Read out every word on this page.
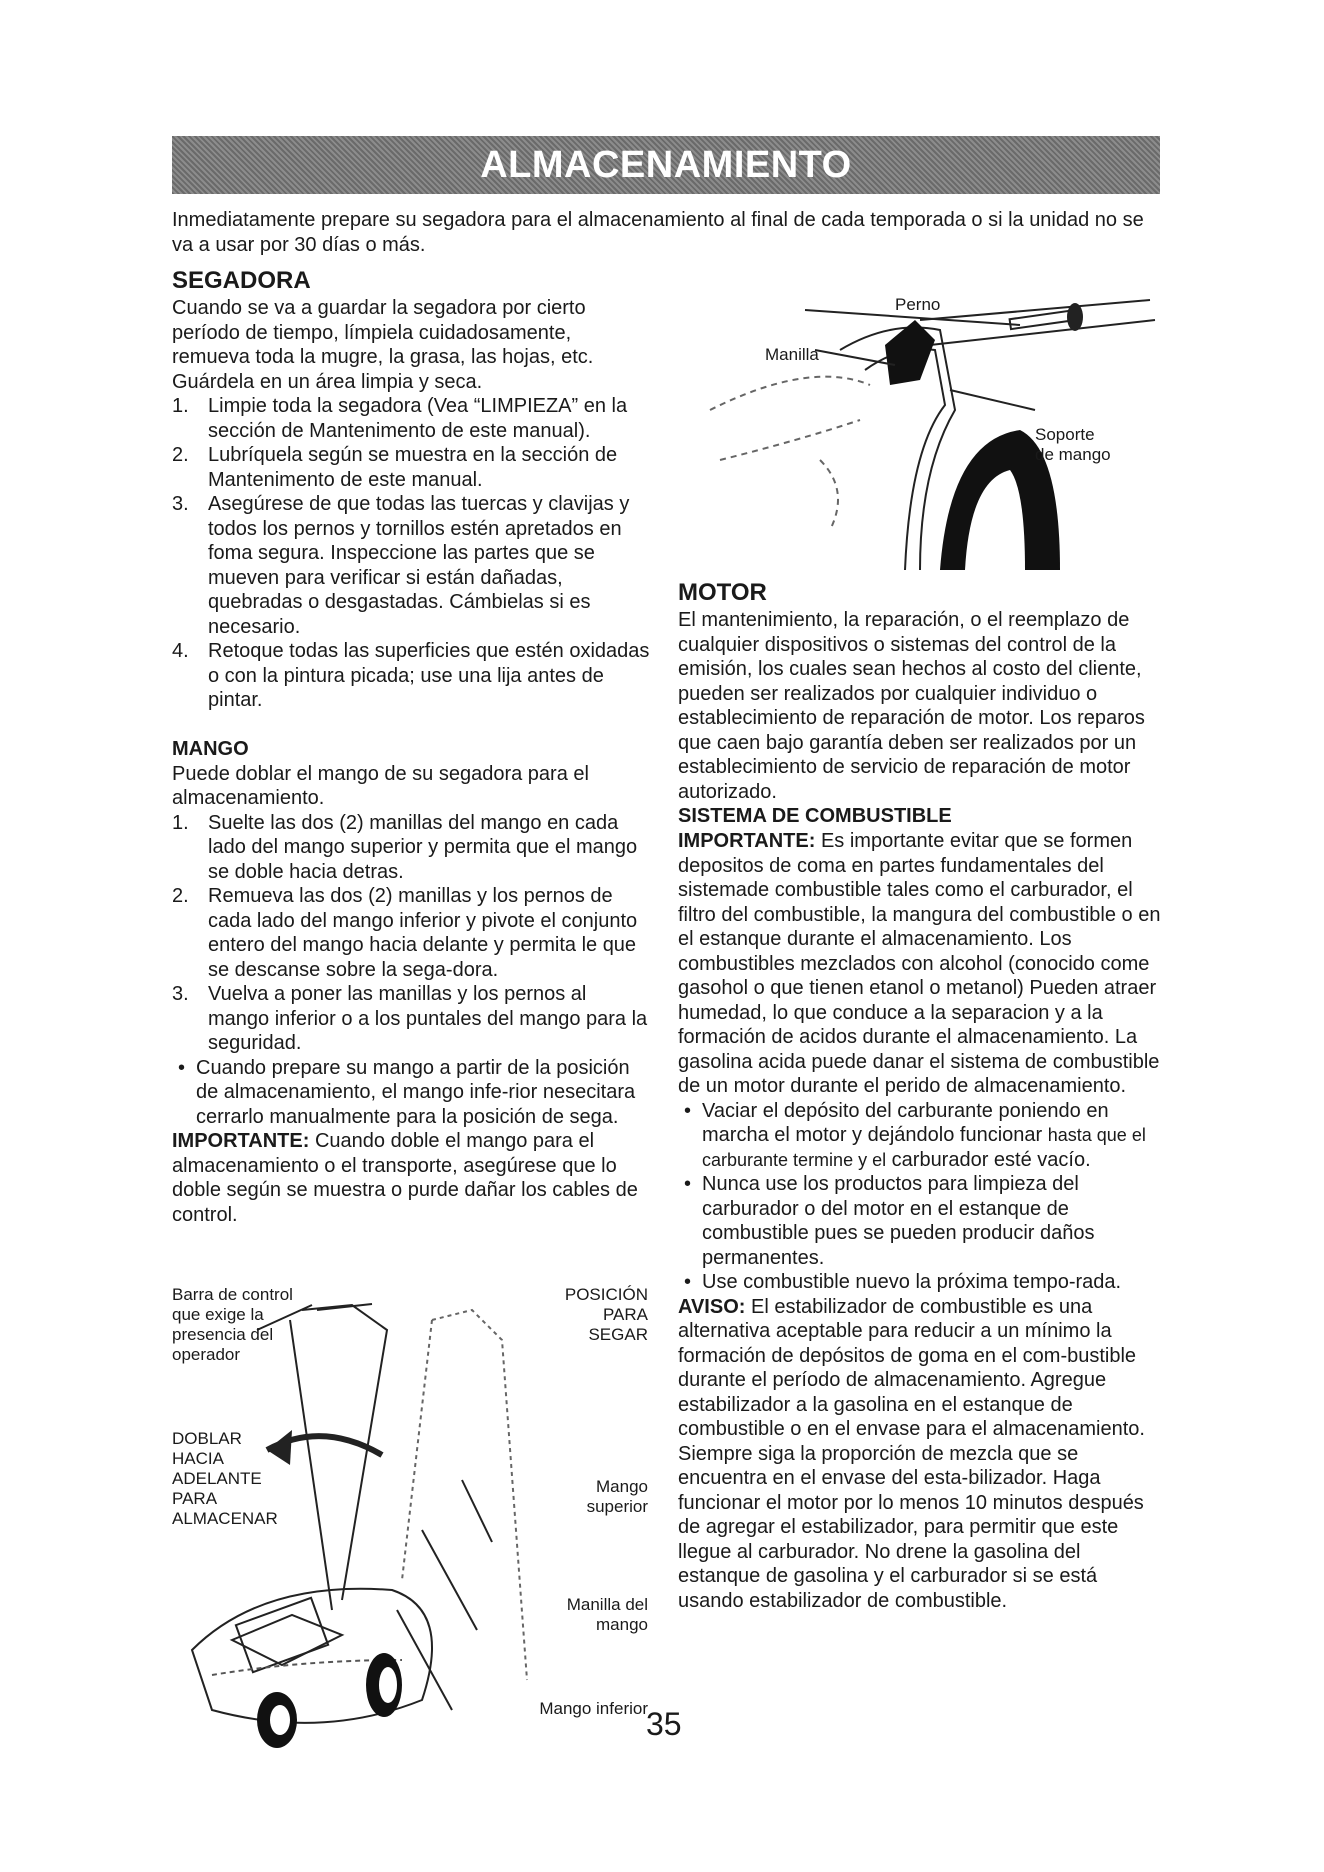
ALMACENAMIENTO

Inmediatamente prepare su segadora para el almacenamiento al final de cada temporada o si la unidad no se va a usar por 30 días o más.

SEGADORA

Cuando se va a guardar la segadora por cierto período de tiempo, límpiela cuidadosamente, remueva toda la mugre, la grasa, las hojas, etc. Guárdela en un área limpia y seca.

1. Limpie toda la segadora (Vea “LIMPIEZA” en la sección de Mantenimento de este manual).
2. Lubríquela según se muestra en la sección de Mantenimento de este manual.
3. Asegúrese de que todas las tuercas y clavijas y todos los pernos y tornillos estén apretados en foma segura. Inspeccione las partes que se mueven para verificar si están dañadas, quebradas o desgastadas. Cámbielas si es necesario.
4. Retoque todas las superficies que estén oxidadas o con la pintura picada; use una lija antes de pintar.
MANGO

Puede doblar el mango de su segadora para el almacenamiento.

1. Suelte las dos (2) manillas del mango en cada lado del mango superior y permita que el mango se doble hacia detras.
2. Remueva las dos (2) manillas y los pernos de cada lado del mango inferior y pivote el conjunto entero del mango hacia delante y permita le que se descanse sobre la sega-dora.
3. Vuelva a poner las manillas y los pernos al mango inferior o a los puntales del mango para la seguridad.
• Cuando prepare su mango a partir de la posición de almacenamiento, el mango infe-rior nesecitara cerrarlo manualmente para la posición de sega.

IMPORTANTE: Cuando doble el mango para el almacenamiento o el transporte, asegúrese que lo doble según se muestra o purde dañar los cables de control.

Barra de control
que exige la
presencia del
operador
POSICIÓN
PARA
SEGAR
DOBLAR
HACIA
ADELANTE
PARA
ALMACENAR
Mango
superior
Manilla del
mango
Mango inferior
Perno
Manilla
Soporte
de mango
MOTOR

El mantenimiento, la reparación, o el reemplazo de cualquier dispositivos o sistemas del control de la emisión, los cuales sean hechos al costo del cliente, pueden ser realizados por cualquier individuo o establecimiento de reparación de motor. Los reparos que caen bajo garantía deben ser realizados por un establecimiento de servicio de reparación de motor autorizado.

SISTEMA DE COMBUSTIBLE

IMPORTANTE: Es importante evitar que se formen depositos de coma en partes fundamentales del sistemade combustible tales como el carburador, el filtro del combustible, la mangura del combustible o en el estanque durante el almacenamiento. Los combustibles mezclados con alcohol (conocido come gasohol o que tienen etanol o metanol) Pueden atraer humedad, lo que conduce a la separacion y a la formación de acidos durante el almacenamiento. La gasolina acida puede danar el sistema de combustible de un motor durante el perido de almacenamiento.

• Vaciar el depósito del carburante poniendo en marcha el motor y dejándolo funcionar hasta que el carburante termine y el carburador esté vacío.
• Nunca use los productos para limpieza del carburador o del motor en el estanque de combustible pues se pueden producir daños permanentes.
• Use combustible nuevo la próxima tempo-rada.

AVISO: El estabilizador de combustible es una alternativa aceptable para reducir a un mínimo la formación de depósitos de goma en el com-bustible durante el período de almacenamiento. Agregue estabilizador a la gasolina en el estanque de combustible o en el envase para el almacenamiento. Siempre siga la proporción de mezcla que se encuentra en el envase del esta-bilizador. Haga funcionar el motor por lo menos 10 minutos después de agregar el estabilizador, para permitir que este llegue al carburador. No drene la gasolina del estanque de gasolina y el carburador si se está usando estabilizador de combustible.

35
